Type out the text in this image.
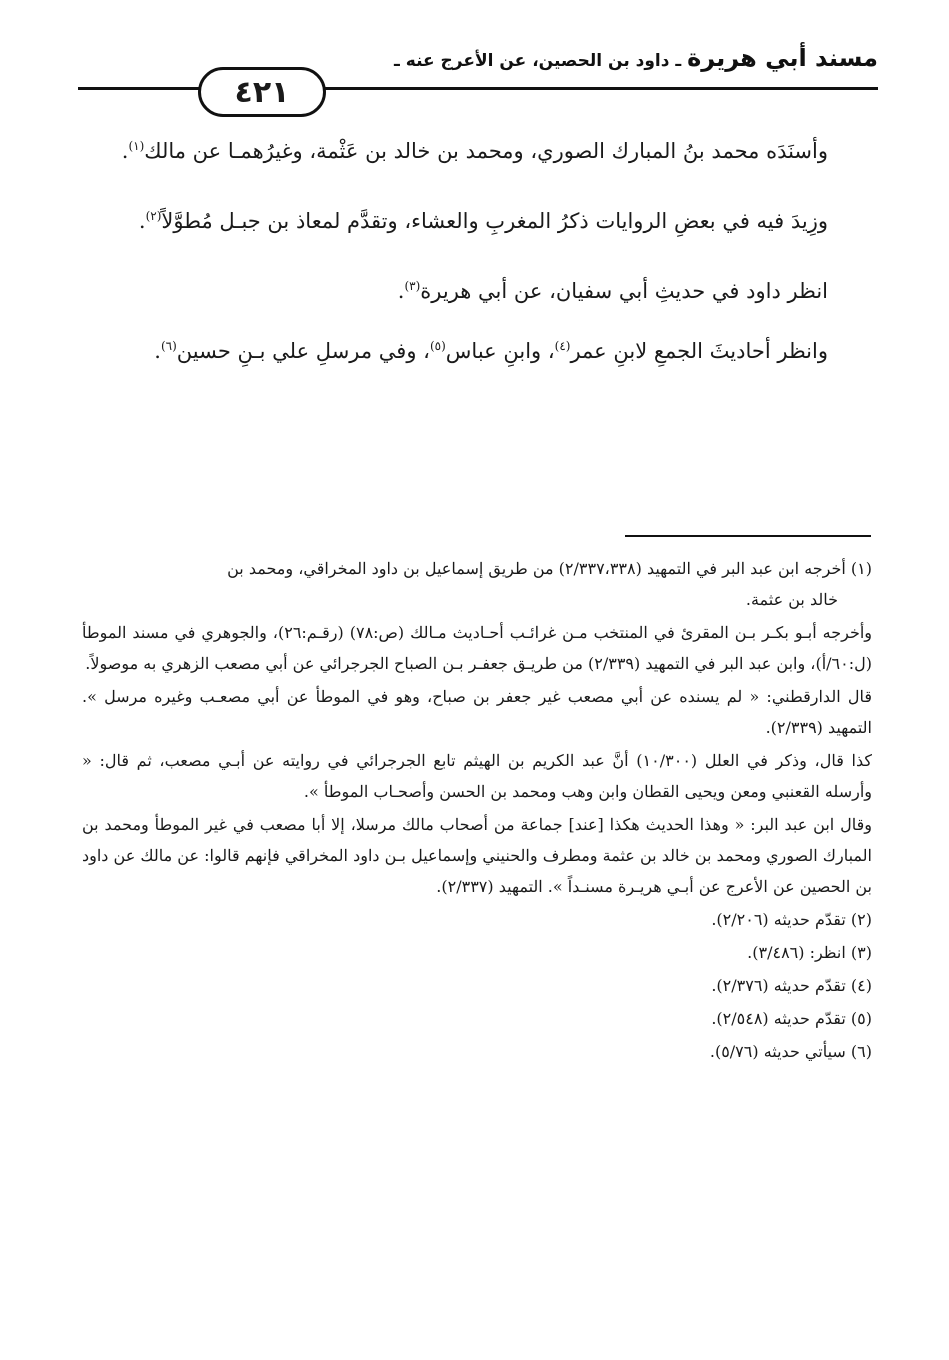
مسند أبي هريرة ـ داود بن الحصين، عن الأعرج عنه ـ
٤٢١

وأسنَدَه محمد بنُ المبارك الصوري، ومحمد بن خالد بن عَثْمة، وغيرُهمـا عن مالك$^{(١)}$.

وزِيدَ فيه في بعضِ الروايات ذكرُ المغربِ والعشاء، وتقدَّم لمعاذ بن جبـل مُطوَّلاً$^{(٢)}$.

انظر داود في حديثِ أبي سفيان، عن أبي هريرة$^{(٣)}$.

وانظر أحاديثَ الجمعِ لابنِ عمر$^{(٤)}$، وابنِ عباس$^{(٥)}$، وفي مرسلِ علي بـنِ حسين$^{(٦)}$.

(١) أخرجه ابن عبد البر في التمهيد (٢/٣٣٧،٣٣٨) من طريق إسماعيل بن داود المخراقي، ومحمد بن

خالد بن عثمة.

وأخرجه أبـو بكـر بـن المقرئ في المنتخب مـن غرائـب أحـاديث مـالك (ص:٧٨) (رقـم:٢٦)، والجوهري في مسند الموطأ (ل:٦٠/أ)، وابن عبد البر في التمهيد (٢/٣٣٩) من طريـق جعفـر بـن الصباح الجرجرائي عن أبي مصعب الزهري به موصولاً.

قال الدارقطني: « لم يسنده عن أبي مصعب غير جعفر بن صباح، وهو في الموطأ عن أبي مصعـب وغيره مرسل ». التمهيد (٢/٣٣٩).

كذا قال، وذكر في العلل (١٠/٣٠٠) أنَّ عبد الكريم بن الهيثم تابع الجرجرائي في روايته عن أبـي مصعب، ثم قال: « وأرسله القعنبي ومعن ويحيى القطان وابن وهب ومحمد بن الحسن وأصحـاب الموطأ ».

وقال ابن عبد البر: « وهذا الحديث هكذا [عند] جماعة من أصحاب مالك مرسلا، إلا أبا مصعب في غير الموطأ ومحمد بن المبارك الصوري ومحمد بن خالد بن عثمة ومطرف والحنيني وإسماعيل بـن داود المخراقي فإنهم قالوا: عن مالك عن داود بن الحصين عن الأعرج عن أبـي هريـرة مسنـداً ». التمهيد (٢/٣٣٧).

(٢) تقدّم حديثه (٢/٢٠٦).

(٣) انظر: (٣/٤٨٦).

(٤) تقدّم حديثه (٢/٣٧٦).

(٥) تقدّم حديثه (٢/٥٤٨).

(٦) سيأتي حديثه (٥/٧٦).
